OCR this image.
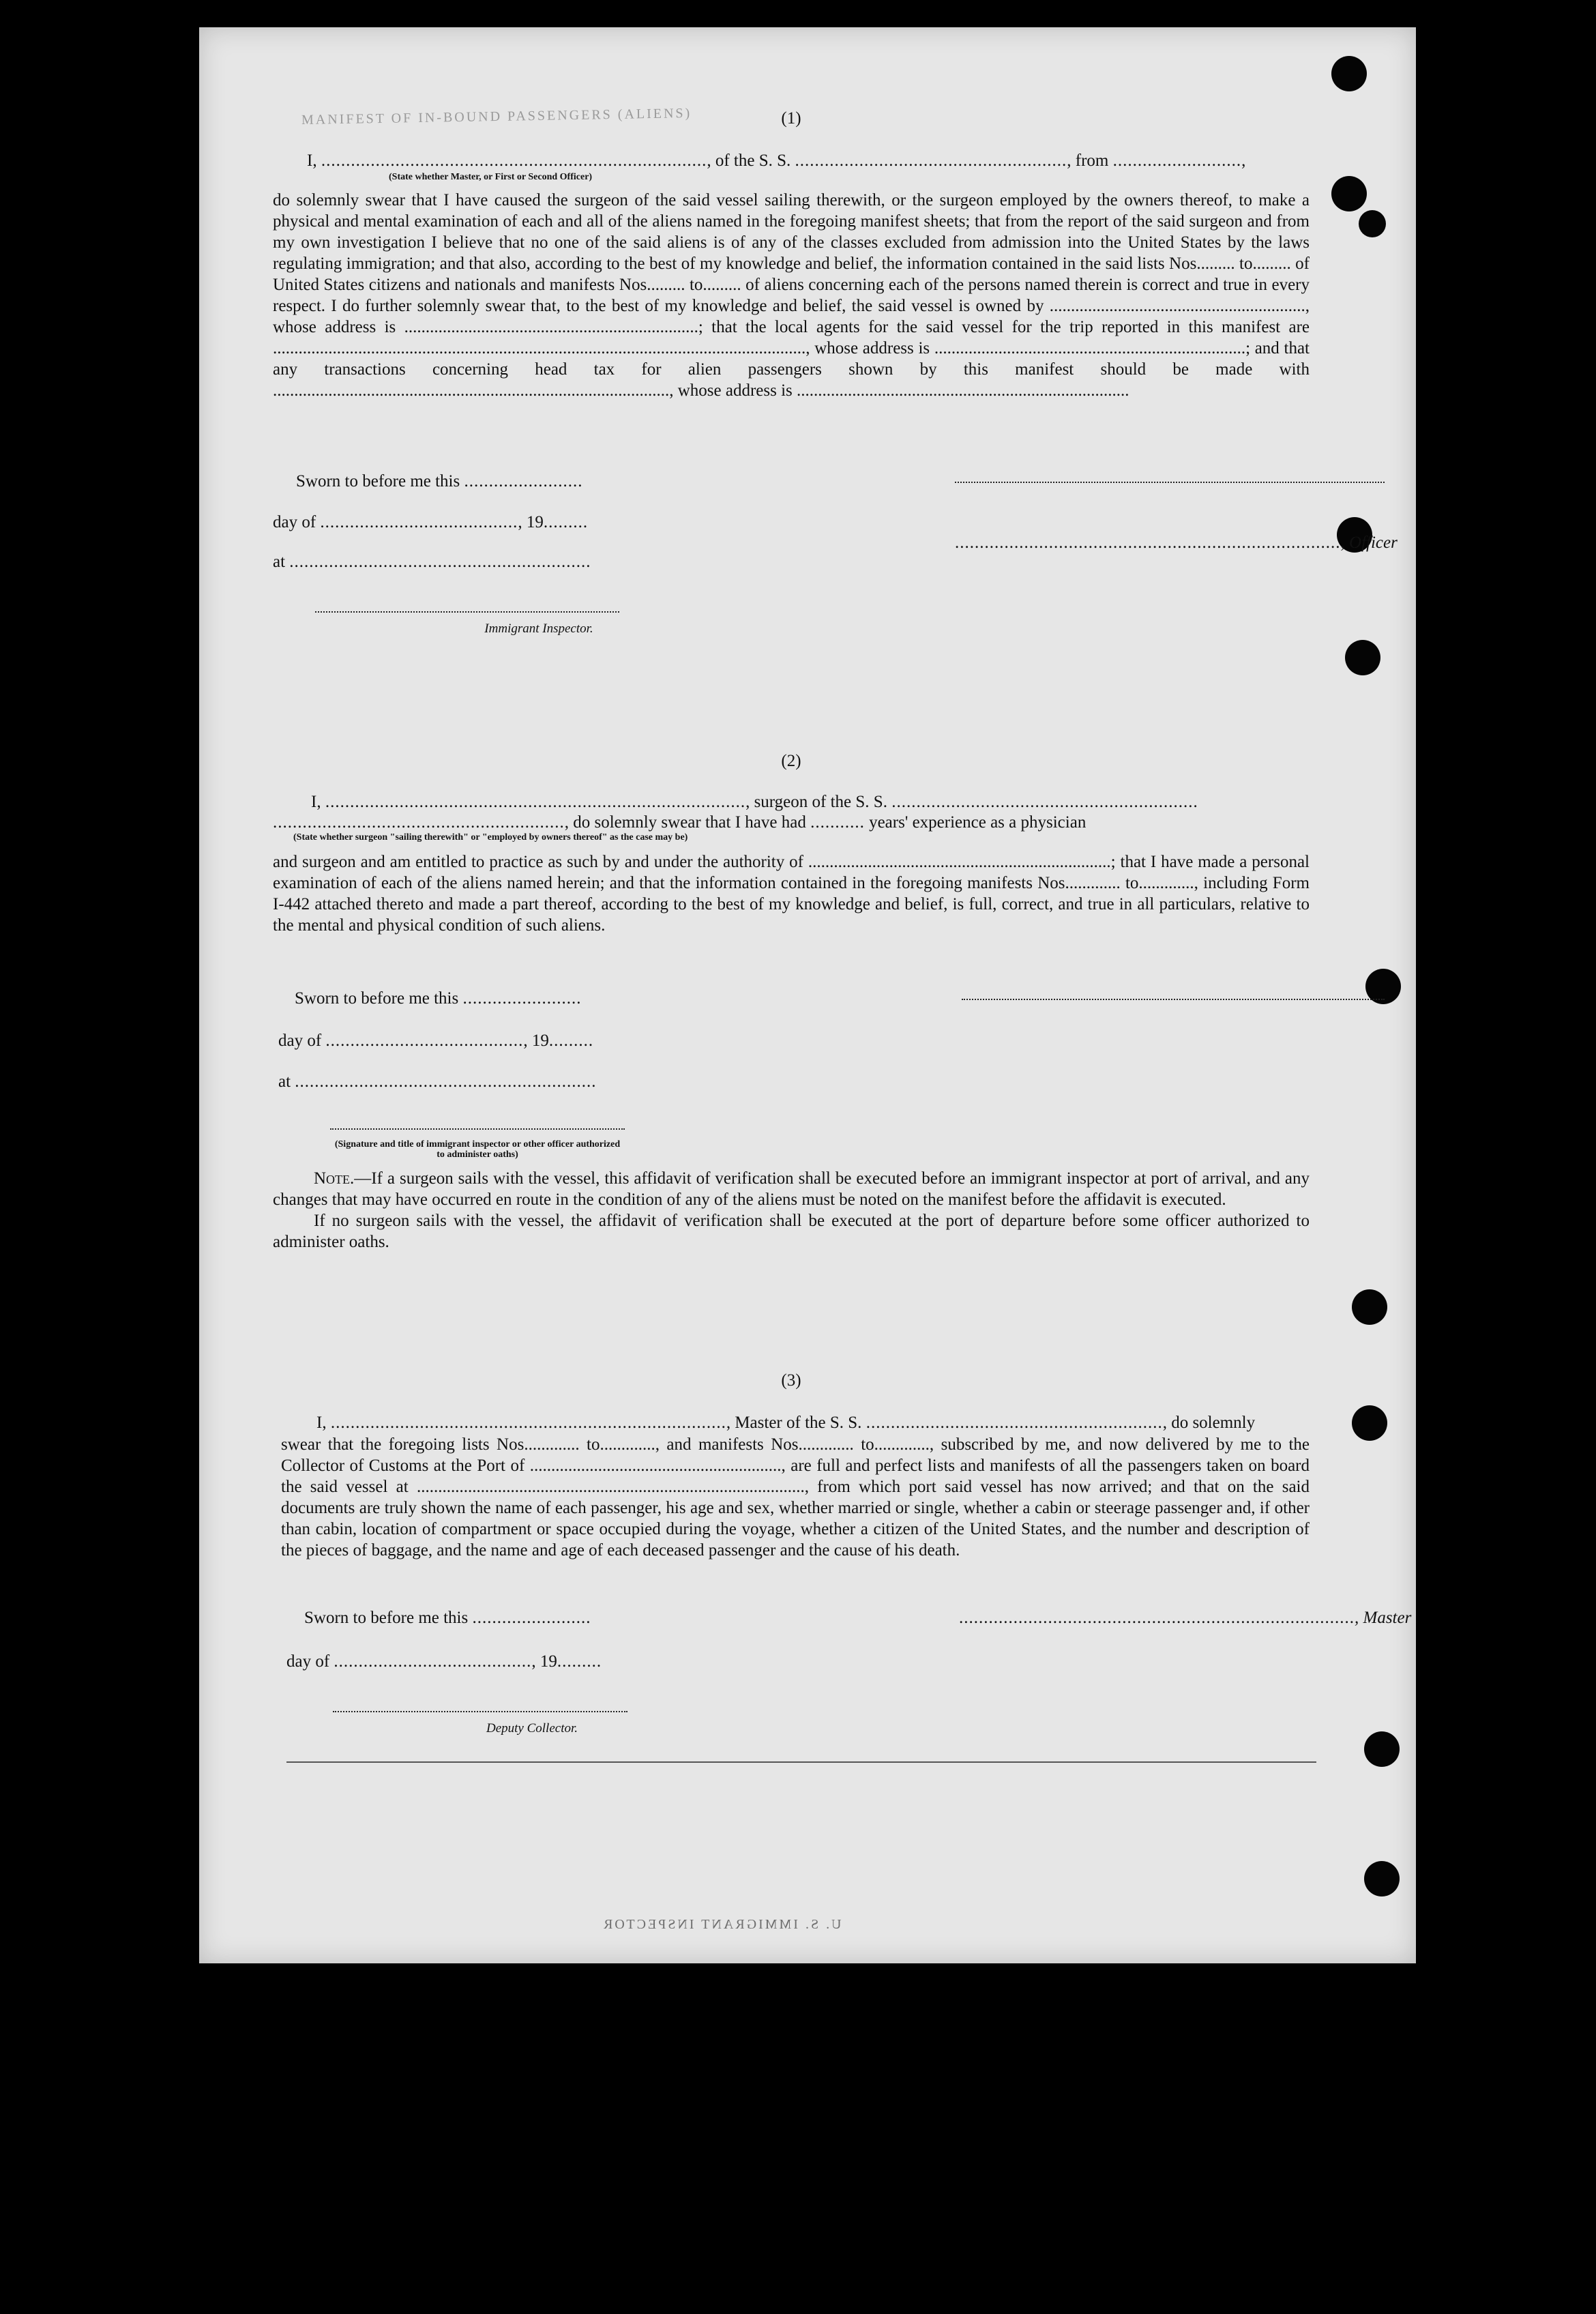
MANIFEST OF IN-BOUND PASSENGERS (ALIENS)
U. S. IMMIGRANT INSPECTOR
(1)
I, .............................................................................., of the S. S. ......................................................., from ..........................,
(State whether Master, or First or Second Officer)

do solemnly swear that I have caused the surgeon of the said vessel sailing therewith, or the surgeon employed by the owners thereof, to make a physical and mental examination of each and all of the aliens named in the foregoing manifest sheets; that from the report of the said surgeon and from my own investigation I believe that no one of the said aliens is of any of the classes excluded from admission into the United States by the laws regulating immigration; and that also, according to the best of my knowledge and belief, the information contained in the said lists Nos......... to......... of United States citizens and nationals and manifests Nos......... to......... of aliens concerning each of the persons named therein is correct and true in every respect. I do further solemnly swear that, to the best of my knowledge and belief, the said vessel is owned by ............................................................, whose address is .....................................................................; that the local agents for the said vessel for the trip reported in this manifest are ............................................................................................................................., whose address is .........................................................................; and that any transactions concerning head tax for alien passengers shown by this manifest should be made with ............................................................................................., whose address is ..............................................................................

Sworn to before me this ........................
day of ........................................, 19.........
.............................................................................., Officer
at .............................................................
Immigrant Inspector.
(2)
I, ....................................................................................., surgeon of the S. S. ..............................................................
..........................................................., do solemnly swear that I have had ........... years' experience as a physician
(State whether surgeon "sailing therewith" or "employed by owners thereof" as the case may be)

and surgeon and am entitled to practice as such by and under the authority of .......................................................................; that I have made a personal examination of each of the aliens named herein; and that the information contained in the foregoing manifests Nos............. to............., including Form I-442 attached thereto and made a part thereof, according to the best of my knowledge and belief, is full, correct, and true in all particulars, relative to the mental and physical condition of such aliens.

Sworn to before me this ........................
day of ........................................, 19.........
at .............................................................
(Signature and title of immigrant inspector or other officer authorized to administer oaths)

Note.—If a surgeon sails with the vessel, this affidavit of verification shall be executed before an immigrant inspector at port of arrival, and any changes that may have occurred en route in the condition of any of the aliens must be noted on the manifest before the affidavit is executed.

If no surgeon sails with the vessel, the affidavit of verification shall be executed at the port of departure before some officer authorized to administer oaths.

(3)
I, ................................................................................, Master of the S. S. ............................................................, do solemnly

swear that the foregoing lists Nos............. to............., and manifests Nos............. to............., subscribed by me, and now delivered by me to the Collector of Customs at the Port of ..........................................................., are full and perfect lists and manifests of all the passengers taken on board the said vessel at ..........................................................................................., from which port said vessel has now arrived; and that on the said documents are truly shown the name of each passenger, his age and sex, whether married or single, whether a cabin or steerage passenger and, if other than cabin, location of compartment or space occupied during the voyage, whether a citizen of the United States, and the number and description of the pieces of baggage, and the name and age of each deceased passenger and the cause of his death.

Sworn to before me this ........................	................................................................................, Master
day of ........................................, 19.........
Deputy Collector.
